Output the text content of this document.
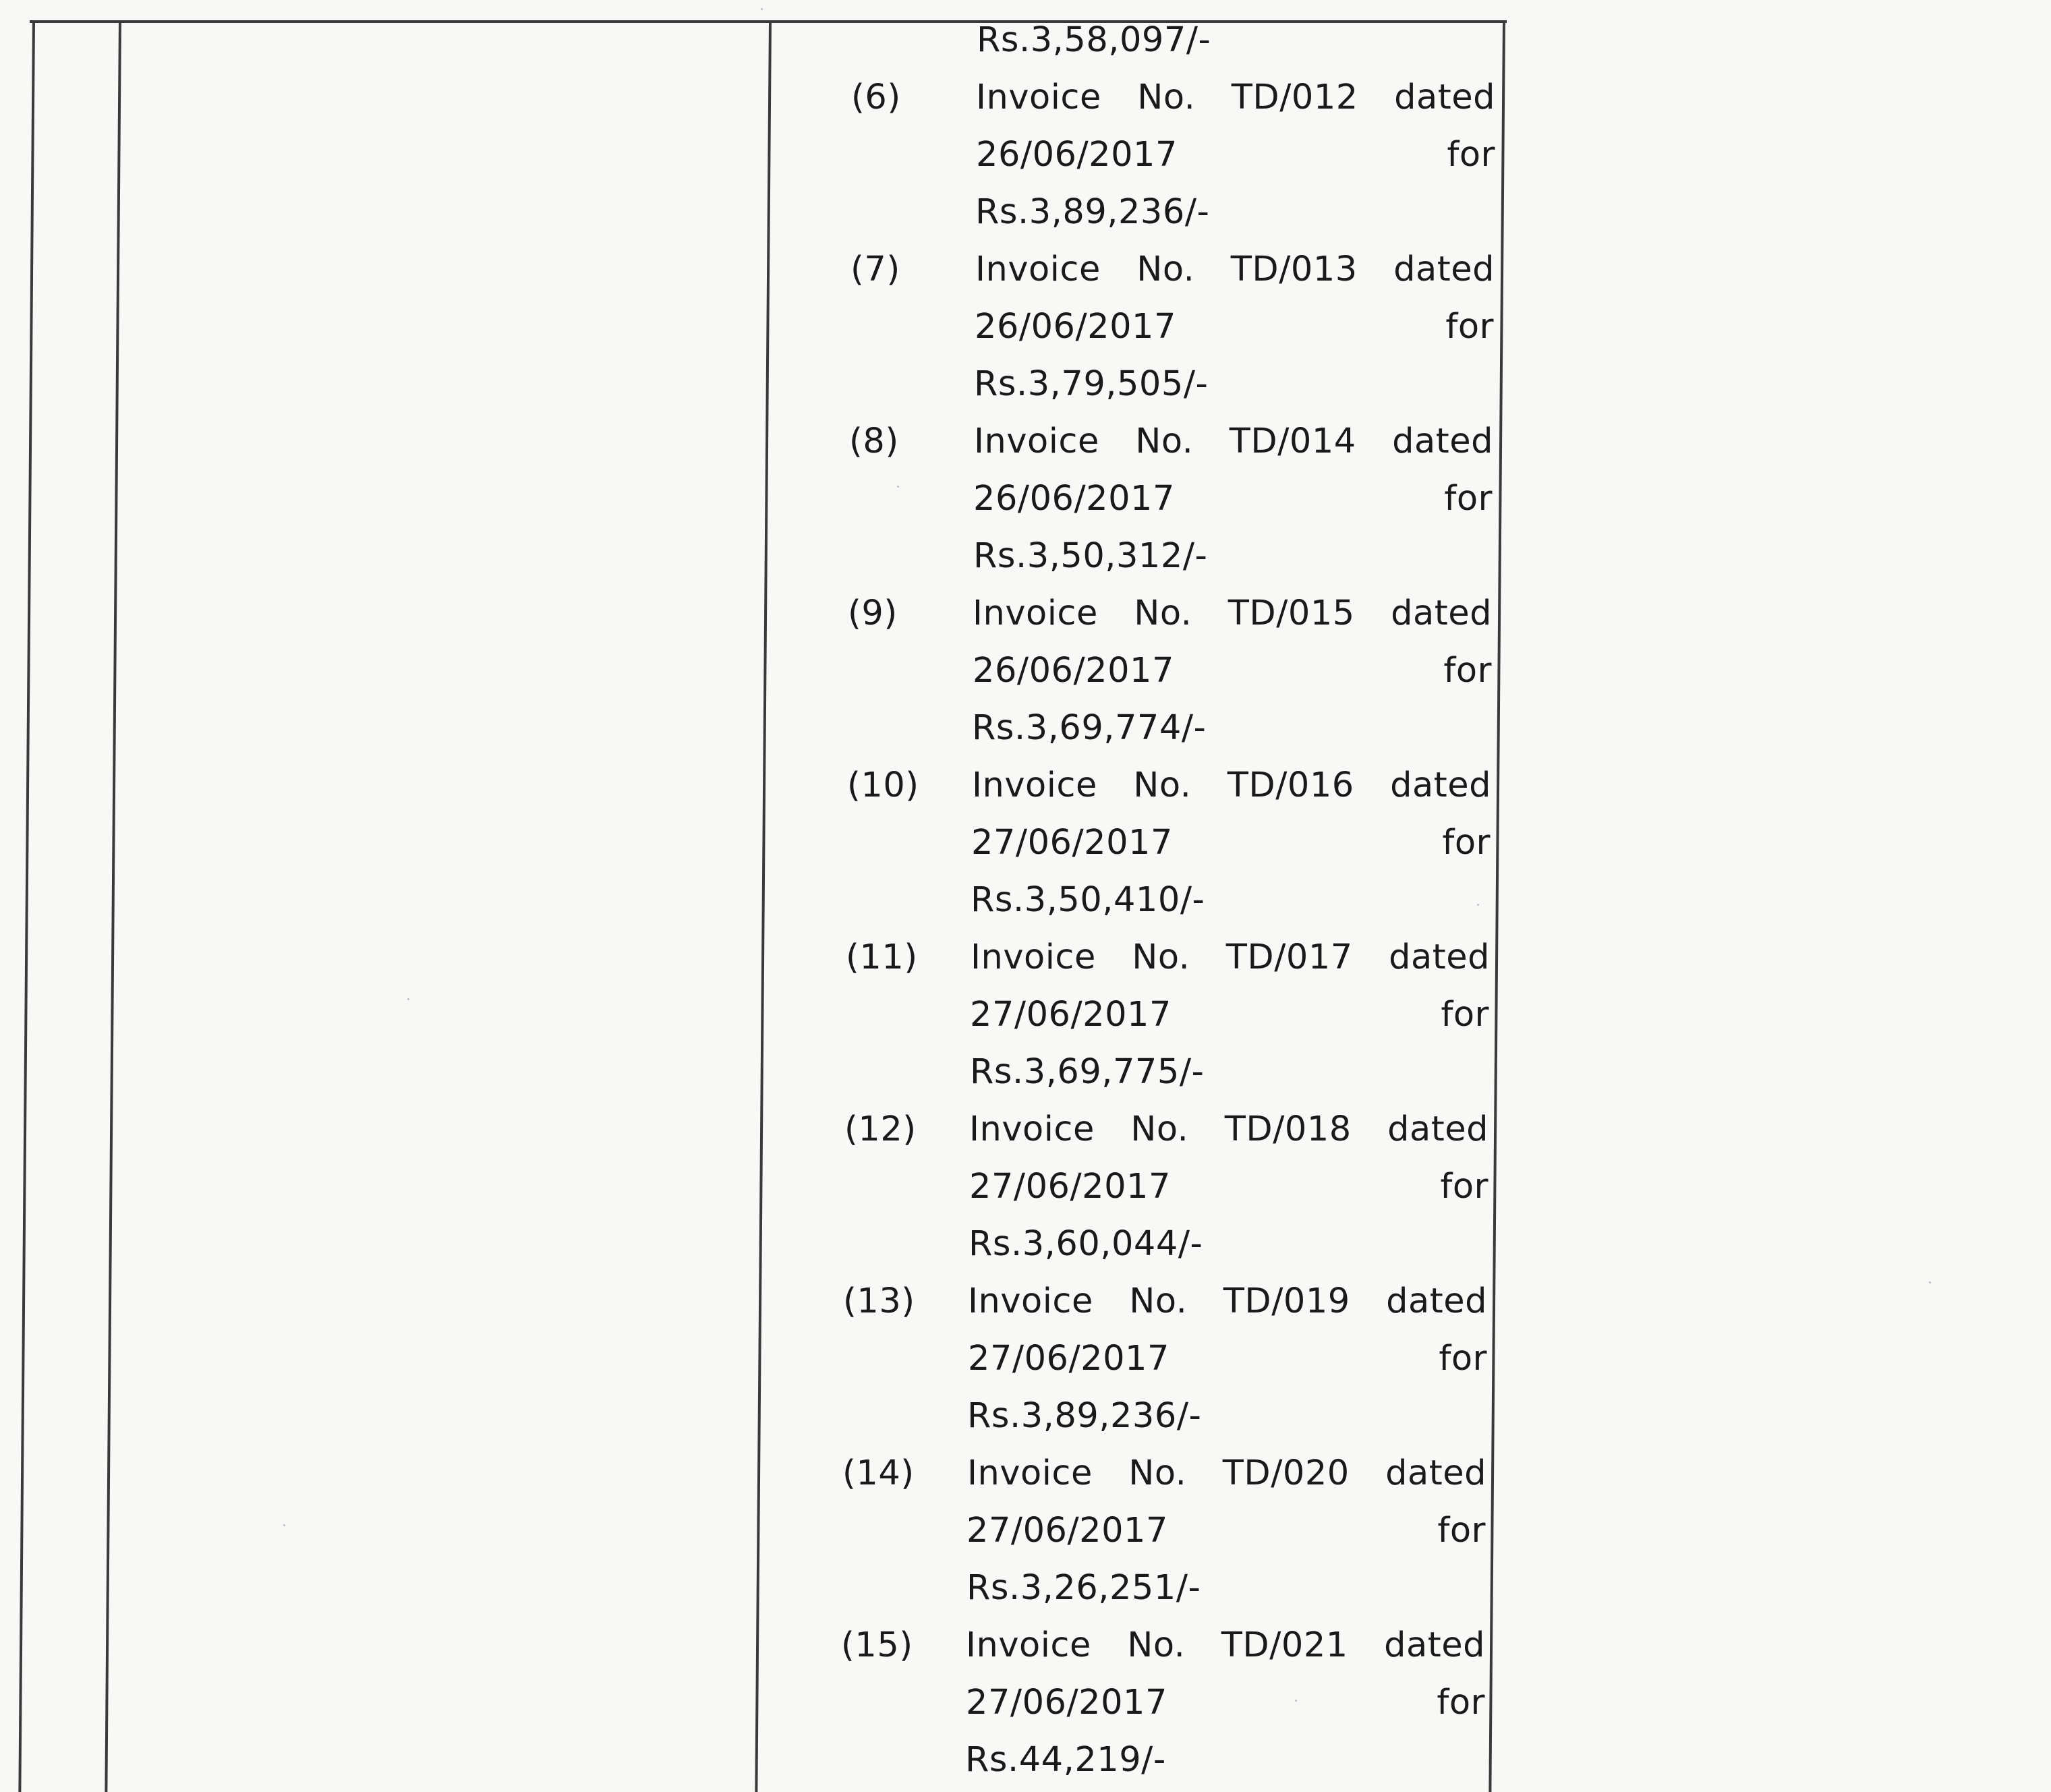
Rs.3,58,097/-
(6) Invoice No. TD/012 dated
26/06/2017	for
Rs.3,89,236/-
(7) Invoice No. TD/013 dated
26/06/2017	for
Rs.3,79,505/-
(8) Invoice No. TD/014 dated
26/06/2017	for
Rs.3,50,312/-
(9) Invoice No. TD/015 dated
26/06/2017	for
Rs.3,69,774/-
(10) Invoice No. TD/016 dated
27/06/2017	for
Rs.3,50,410/-
(11) Invoice No. TD/017 dated
27/06/2017	for
Rs.3,69,775/-
(12) Invoice No. TD/018 dated
27/06/2017	for
Rs.3,60,044/-
(13) Invoice No. TD/019 dated
27/06/2017	for
Rs.3,89,236/-
(14) Invoice No. TD/020 dated
27/06/2017	for
Rs.3,26,251/-
(15) Invoice No. TD/021 dated
27/06/2017	for
Rs.44,219/-
